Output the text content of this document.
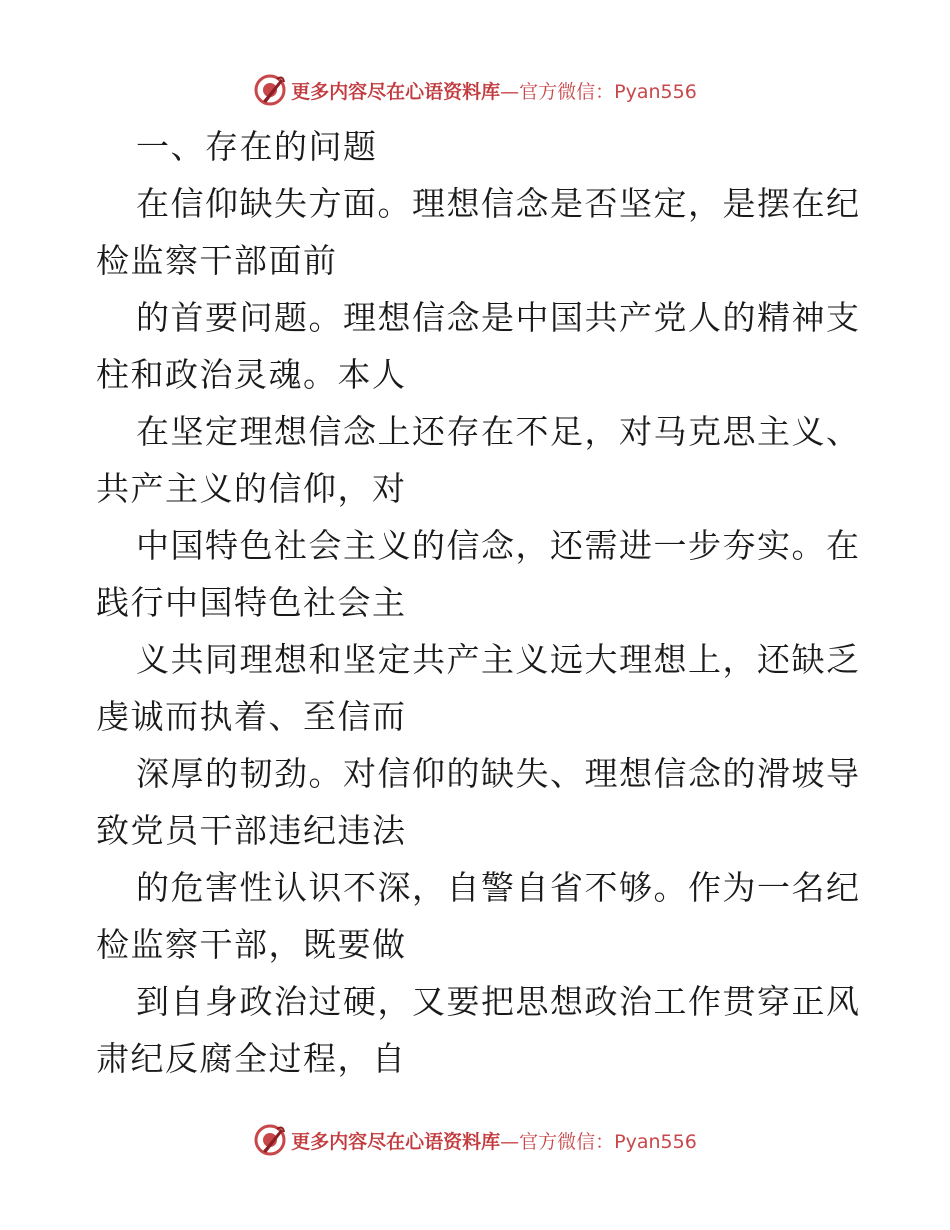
更多内容尽在心语资料库—官方微信：Pyan556
一、存在的问题
在信仰缺失方面。理想信念是否坚定，是摆在纪
检监察干部面前
的首要问题。理想信念是中国共产党人的精神支
柱和政治灵魂。本人
在坚定理想信念上还存在不足，对马克思主义、
共产主义的信仰，对
中国特色社会主义的信念，还需进一步夯实。在
践行中国特色社会主
义共同理想和坚定共产主义远大理想上，还缺乏
虔诚而执着、至信而
深厚的韧劲。对信仰的缺失、理想信念的滑坡导
致党员干部违纪违法
的危害性认识不深，自警自省不够。作为一名纪
检监察干部，既要做
到自身政治过硬，又要把思想政治工作贯穿正风
肃纪反腐全过程，自
更多内容尽在心语资料库—官方微信：Pyan556
